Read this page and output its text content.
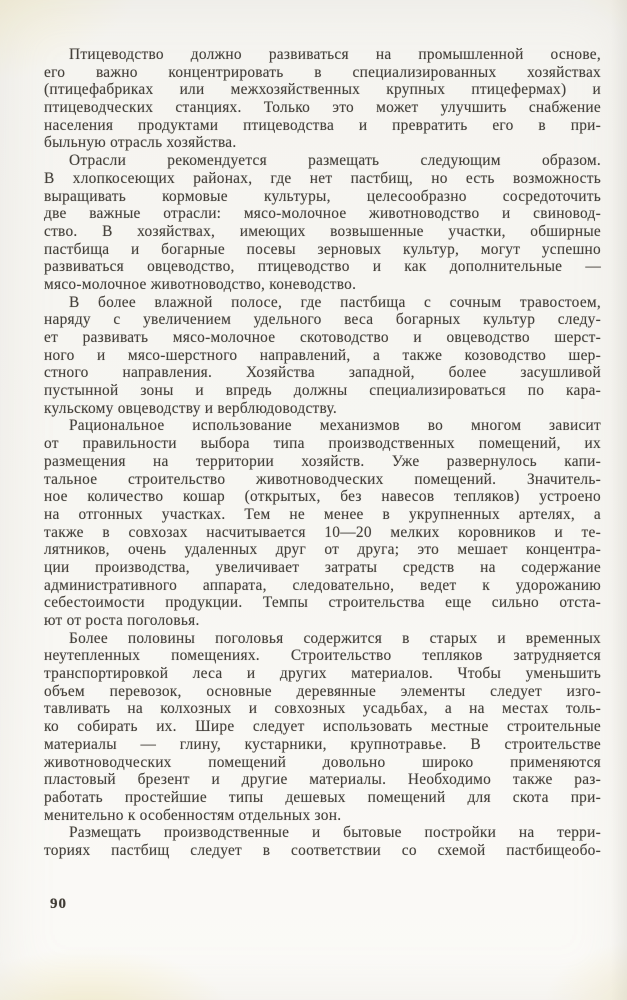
Птицеводство должно развиваться на промышленной основе,
его важно концентрировать в специализированных хозяйствах
(птицефабриках или межхозяйственных крупных птицефермах) и
птицеводческих станциях. Только это может улучшить снабжение
населения продуктами птицеводства и превратить его в при-
быльную отрасль хозяйства.
Отрасли рекомендуется размещать следующим образом.
В хлопкосеющих районах, где нет пастбищ, но есть возможность
выращивать кормовые культуры, целесообразно сосредоточить
две важные отрасли: мясо-молочное животноводство и свиновод-
ство. В хозяйствах, имеющих возвышенные участки, обширные
пастбища и богарные посевы зерновых культур, могут успешно
развиваться овцеводство, птицеводство и как дополнительные —
мясо-молочное животноводство, коневодство.
В более влажной полосе, где пастбища с сочным травостоем,
наряду с увеличением удельного веса богарных культур следу-
ет развивать мясо-молочное скотоводство и овцеводство шерст-
ного и мясо-шерстного направлений, а также козоводство шер-
стного направления. Хозяйства западной, более засушливой
пустынной зоны и впредь должны специализироваться по кара-
кульскому овцеводству и верблюдоводству.
Рациональное использование механизмов во многом зависит
от правильности выбора типа производственных помещений, их
размещения на территории хозяйств. Уже развернулось капи-
тальное строительство животноводческих помещений. Значитель-
ное количество кошар (открытых, без навесов тепляков) устроено
на отгонных участках. Тем не менее в укрупненных артелях, а
также в совхозах насчитывается 10—20 мелких коровников и те-
лятников, очень удаленных друг от друга; это мешает концентра-
ции производства, увеличивает затраты средств на содержание
административного аппарата, следовательно, ведет к удорожанию
себестоимости продукции. Темпы строительства еще сильно отста-
ют от роста поголовья.
Более половины поголовья содержится в старых и временных
неутепленных помещениях. Строительство тепляков затрудняется
транспортировкой леса и других материалов. Чтобы уменьшить
объем перевозок, основные деревянные элементы следует изго-
тавливать на колхозных и совхозных усадьбах, а на местах толь-
ко собирать их. Шире следует использовать местные строительные
материалы — глину, кустарники, крупнотравье. В строительстве
животноводческих помещений довольно широко применяются
пластовый брезент и другие материалы. Необходимо также раз-
работать простейшие типы дешевых помещений для скота при-
менительно к особенностям отдельных зон.
Размещать производственные и бытовые постройки на терри-
ториях пастбищ следует в соответствии со схемой пастбищеобо-
90
